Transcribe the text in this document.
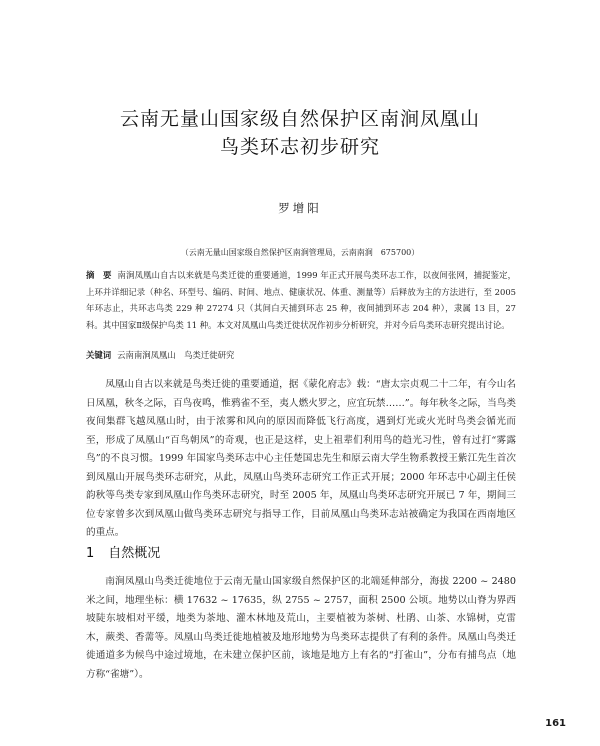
云南无量山国家级自然保护区南涧凤凰山
鸟类环志初步研究
罗增阳
（云南无量山国家级自然保护区南涧管理局，云南南涧　675700）
摘　要 南涧凤凰山自古以来就是鸟类迁徙的重要通道，1999 年正式开展鸟类环志工作，以夜间张网，捕捉鉴定，上环并详细记录（种名、环型号、编码、时间、地点、健康状况、体重、测量等）后释放为主的方法进行，至 2005 年环志止，共环志鸟类 229 种 27274 只（其间白天捕到环志 25 种，夜间捕到环志 204 种），隶属 13 目，27 科。其中国家Ⅱ级保护鸟类 11 种。本文对凤凰山鸟类迁徙状况作初步分析研究，并对今后鸟类环志研究提出讨论。
关键词 云南南涧凤凰山　鸟类迁徙研究
凤凰山自古以来就是鸟类迁徙的重要通道，据《蒙化府志》载：“唐太宗贞观二十二年，有今山名日凤凰，秋冬之际，百鸟夜鸣，惟鸦雀不至，夷人燃火罗之，应宜玩禁……”。每年秋冬之际，当鸟类夜间集群飞越凤凰山时，由于浓雾和风向的原因而降低飞行高度，遇到灯光或火光时鸟类会循光而至，形成了凤凰山“百鸟朝凤”的奇观，也正是这样，史上祖辈们利用鸟的趋光习性，曾有过打“雾露鸟”的不良习惯。1999 年国家鸟类环志中心主任楚国忠先生和原云南大学生物系教授王紫江先生首次到凤凰山开展鸟类环志研究，从此，凤凰山鸟类环志研究工作正式开展；2000 年环志中心副主任侯韵秋等鸟类专家到凤凰山作鸟类环志研究，时至 2005 年，凤凰山鸟类环志研究开展已 7 年，期间三位专家曾多次到凤凰山做鸟类环志研究与指导工作，目前凤凰山鸟类环志站被确定为我国在西南地区的重点。
1 自然概况
南涧凤凰山鸟类迁徙地位于云南无量山国家级自然保护区的北端延伸部分，海拔 2200 ~ 2480 米之间，地理坐标：横 17632 ~ 17635，纵 2755 ~ 2757，面积 2500 公顷。地势以山脊为界西坡陡东坡相对平缓，地类为茶地、灌木林地及荒山，主要植被为茶树、杜鹃、山茶、水锦树，克雷木，蕨类、香薷等。凤凰山鸟类迁徙地植被及地形地势为鸟类环志提供了有利的条件。凤凰山鸟类迁徙通道多为候鸟中途过境地，在未建立保护区前，该地是地方上有名的“打雀山”，分布有捕鸟点（地方称“雀塘”）。
161
